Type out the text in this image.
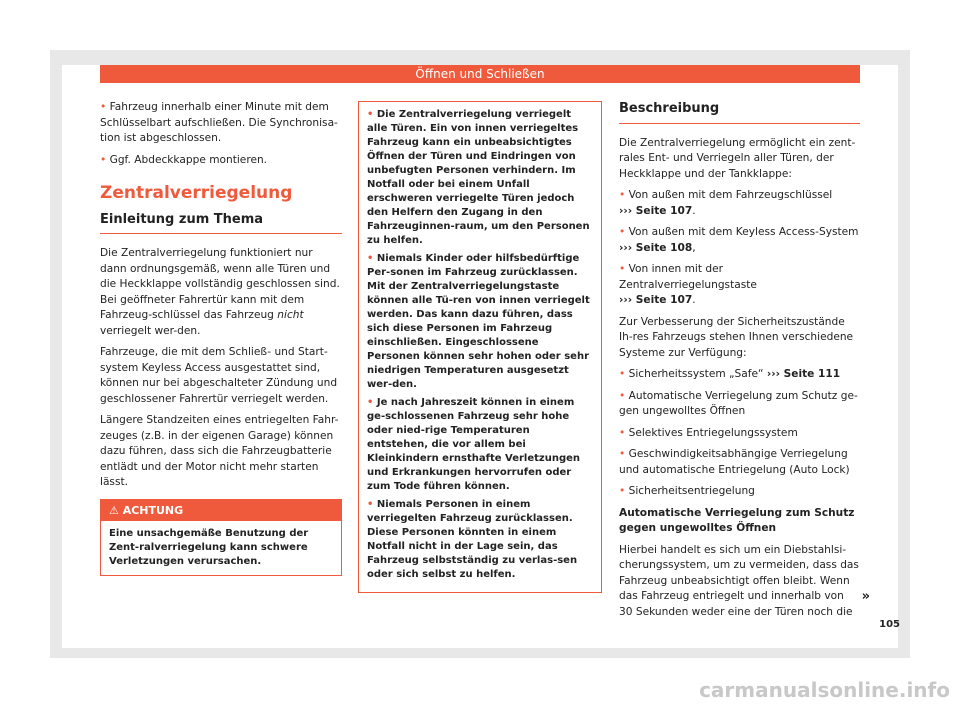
Öffnen und Schließen

• Fahrzeug innerhalb einer Minute mit dem Schlüsselbart aufschließen. Die Synchronisa-tion ist abgeschlossen.

• Ggf. Abdeckkappe montieren.

Zentralverriegelung
Einleitung zum Thema

Die Zentralverriegelung funktioniert nur dann ordnungsgemäß, wenn alle Türen und die Heckklappe vollständig geschlossen sind. Bei geöffneter Fahrertür kann mit dem Fahrzeug-schlüssel das Fahrzeug nicht verriegelt wer-den.

Fahrzeuge, die mit dem Schließ- und Start-system Keyless Access ausgestattet sind, können nur bei abgeschalteter Zündung und geschlossener Fahrertür verriegelt werden.

Längere Standzeiten eines entriegelten Fahr-zeuges (z.B. in der eigenen Garage) können dazu führen, dass sich die Fahrzeugbatterie entlädt und der Motor nicht mehr starten lässt.

⚠ ACHTUNG
Eine unsachgemäße Benutzung der Zent-ralverriegelung kann schwere Verletzungen verursachen.

• Die Zentralverriegelung verriegelt alle Türen. Ein von innen verriegeltes Fahrzeug kann ein unbeabsichtigtes Öffnen der Türen und Eindringen von unbefugten Personen verhindern. Im Notfall oder bei einem Unfall erschweren verriegelte Türen jedoch den Helfern den Zugang in den Fahrzeuginnen-raum, um den Personen zu helfen.

• Niemals Kinder oder hilfsbedürftige Per-sonen im Fahrzeug zurücklassen. Mit der Zentralverriegelungstaste können alle Tü-ren von innen verriegelt werden. Das kann dazu führen, dass sich diese Personen im Fahrzeug einschließen. Eingeschlossene Personen können sehr hohen oder sehr niedrigen Temperaturen ausgesetzt wer-den.

• Je nach Jahreszeit können in einem ge-schlossenen Fahrzeug sehr hohe oder nied-rige Temperaturen entstehen, die vor allem bei Kleinkindern ernsthafte Verletzungen und Erkrankungen hervorrufen oder zum Tode führen können.

• Niemals Personen in einem verriegelten Fahrzeug zurücklassen. Diese Personen könnten in einem Notfall nicht in der Lage sein, das Fahrzeug selbstständig zu verlas-sen oder sich selbst zu helfen.

Beschreibung

Die Zentralverriegelung ermöglicht ein zent-rales Ent- und Verriegeln aller Türen, der Heckklappe und der Tankklappe:

• Von außen mit dem Fahrzeugschlüssel
››› Seite 107.

• Von außen mit dem Keyless Access-System
››› Seite 108,

• Von innen mit der Zentralverriegelungstaste
››› Seite 107.

Zur Verbesserung der Sicherheitszustände Ih-res Fahrzeugs stehen Ihnen verschiedene Systeme zur Verfügung:

• Sicherheitssystem „Safe“ ››› Seite 111

• Automatische Verriegelung zum Schutz ge-gen ungewolltes Öffnen

• Selektives Entriegelungssystem

• Geschwindigkeitsabhängige Verriegelung und automatische Entriegelung (Auto Lock)

• Sicherheitsentriegelung

Automatische Verriegelung zum Schutz gegen ungewolltes Öffnen

Hierbei handelt es sich um ein Diebstahlsi-cherungssystem, um zu vermeiden, dass das Fahrzeug unbeabsichtigt offen bleibt. Wenn das Fahrzeug entriegelt und innerhalb von 30 Sekunden weder eine der Türen noch die

»
105
carmanualsonline.info
